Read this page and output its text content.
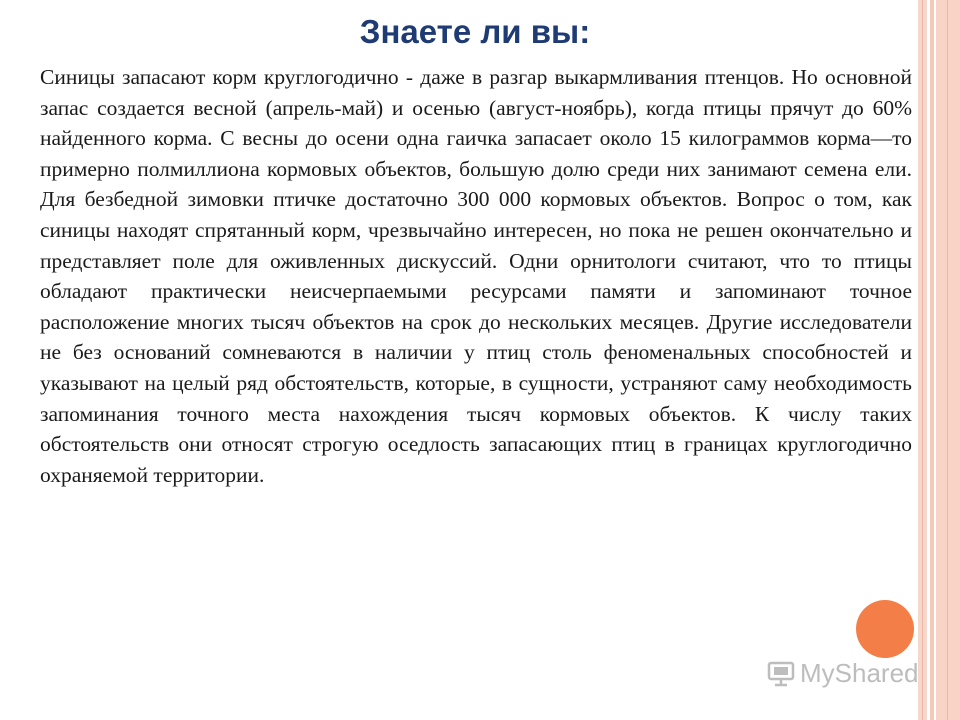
Знаете ли вы:

Синицы запасают корм круглогодично - даже в разгар выкармливания птенцов. Но основной запас создается весной (апрель-май) и осенью (август-ноябрь), когда птицы прячут до 60% найденного корма. С весны до осени одна гаичка запасает около 15 килограммов корма—то примерно полмиллиона кормовых объектов, большую долю среди них занимают семена ели. Для безбедной зимовки птичке достаточно 300 000 кормовых объектов. Вопрос о том, как синицы находят спрятанный корм, чрезвычайно интересен, но пока не решен окончательно и представляет поле для оживленных дискуссий. Одни орнитологи считают, что то птицы обладают практически неисчерпаемыми ресурсами памяти и запоминают точное расположение многих тысяч объектов на срок до нескольких месяцев. Другие исследователи не без оснований сомневаются в наличии у птиц столь феноменальных способностей и указывают на целый ряд обстоятельств, которые, в сущности, устраняют саму необходимость запоминания точного места нахождения тысяч кормовых объектов. К числу таких обстоятельств они относят строгую оседлость запасающих птиц в границах круглогодично охраняемой территории.

MyShared
